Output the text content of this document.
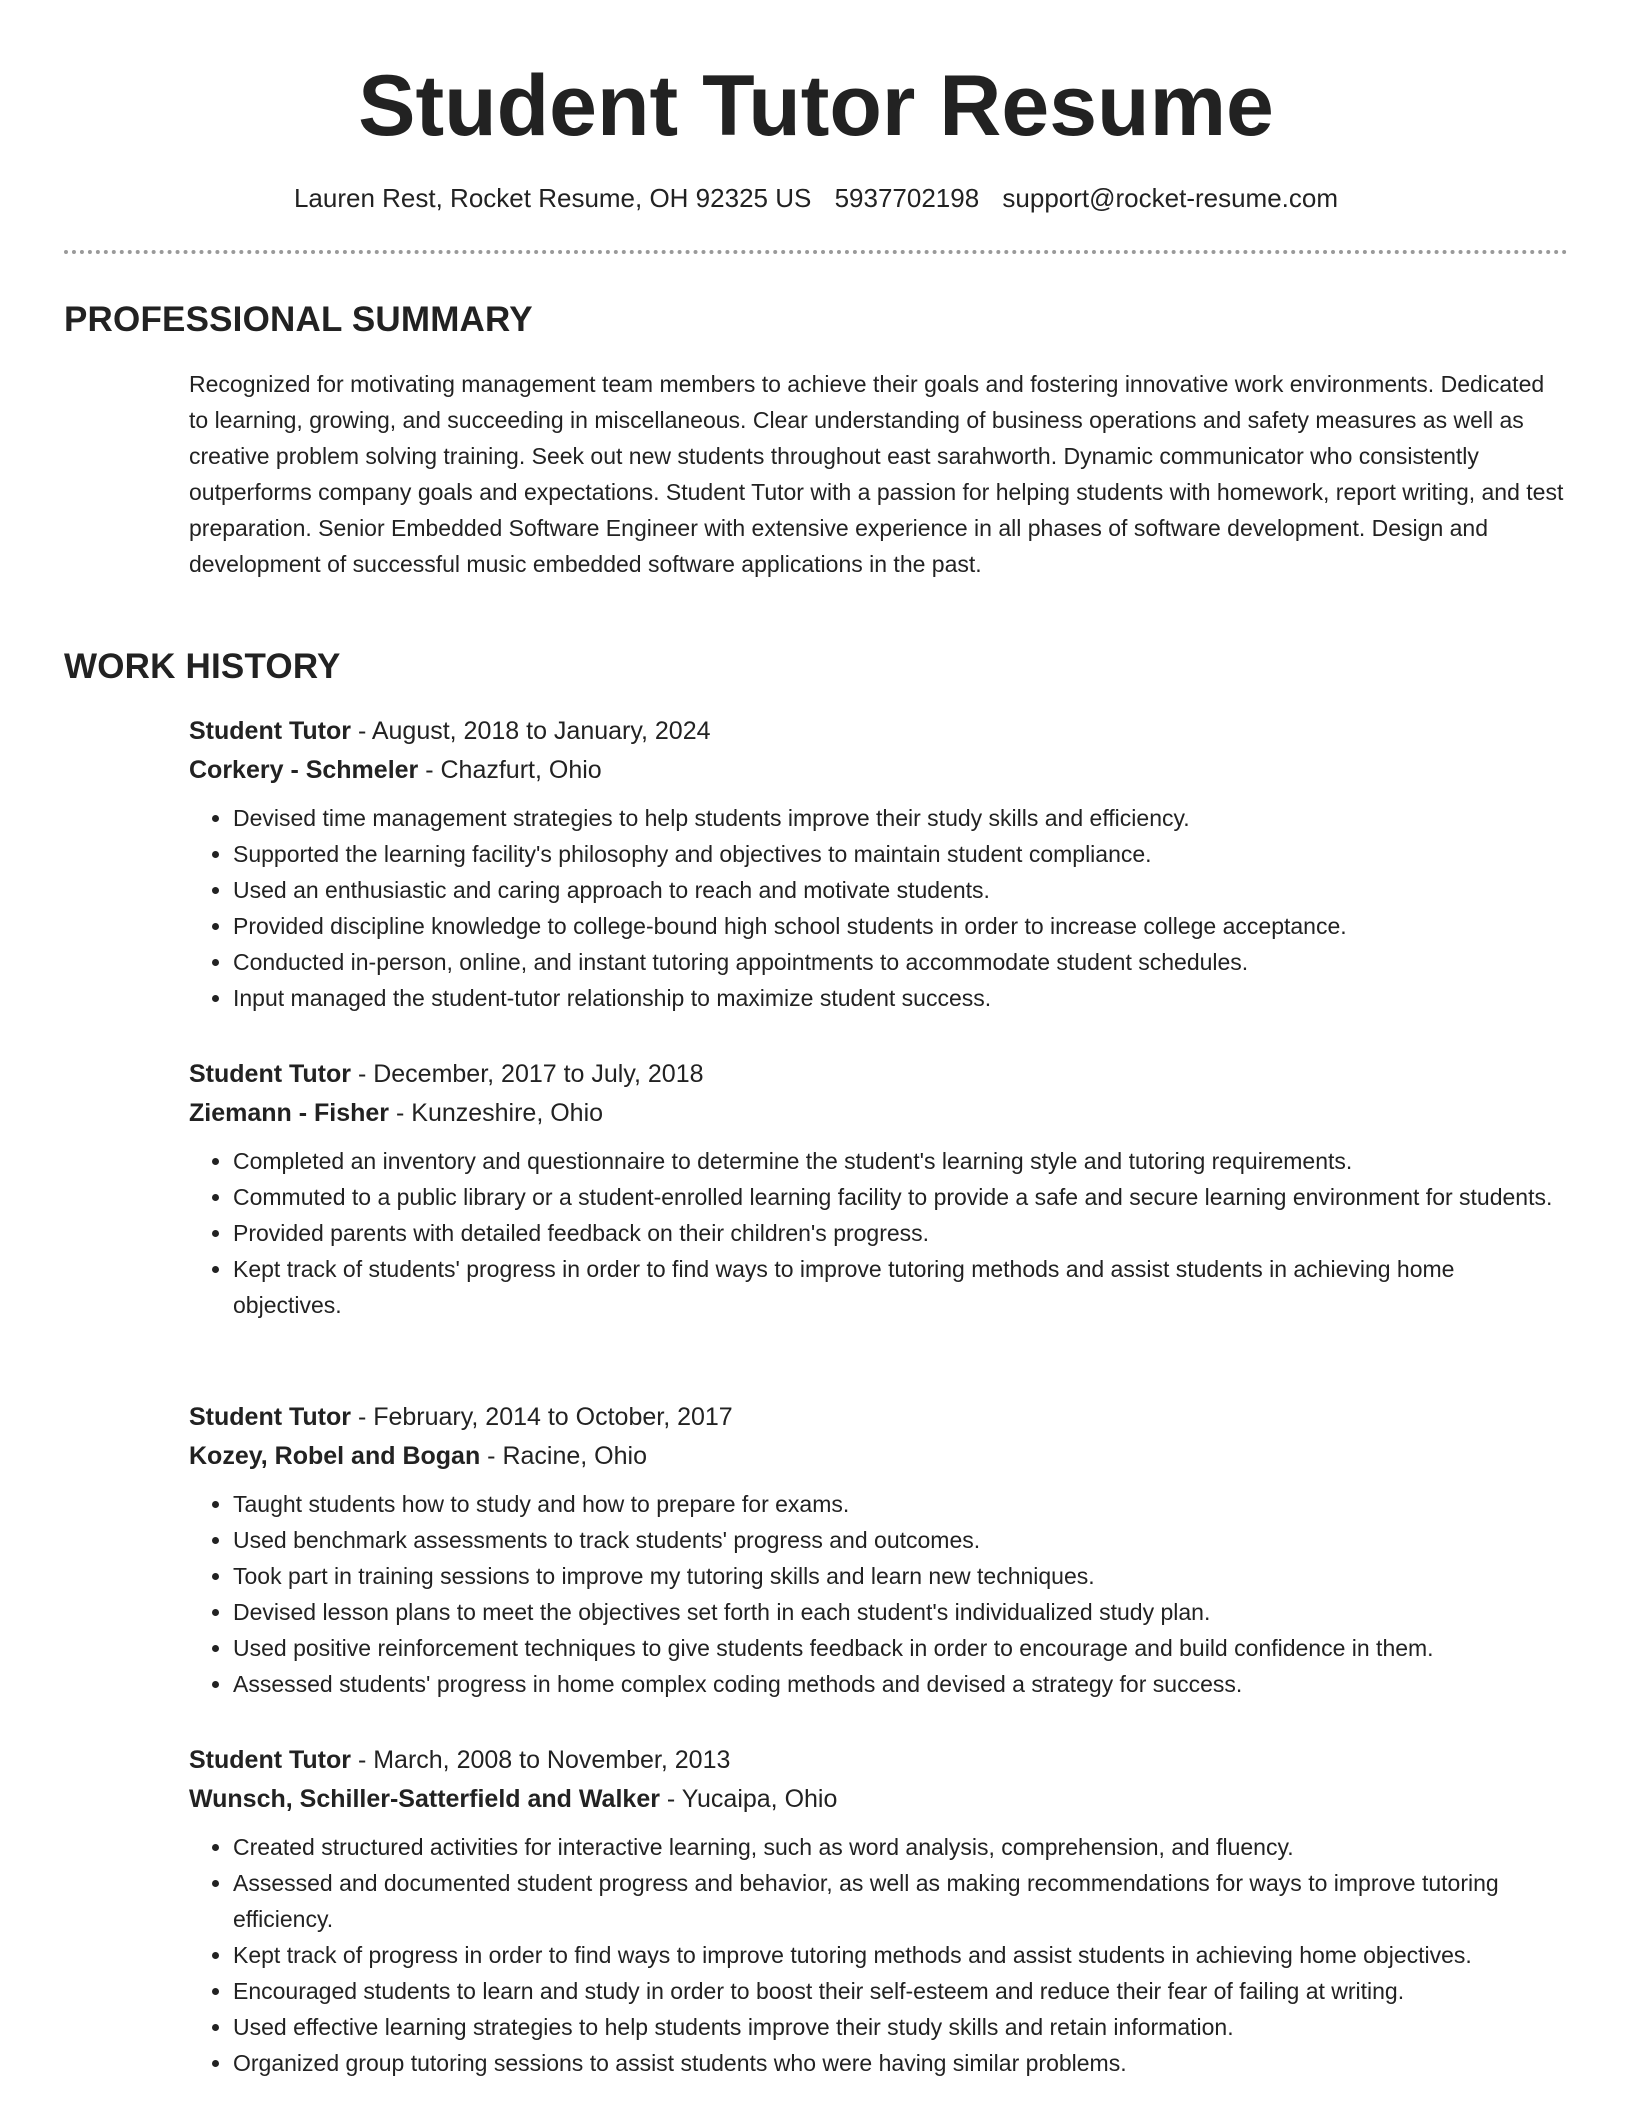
Student Tutor Resume
Lauren Rest, Rocket Resume, OH 92325 US 5937702198 support@rocket-resume.com
PROFESSIONAL SUMMARY

Recognized for motivating management team members to achieve their goals and fostering innovative work environments. Dedicated to learning, growing, and succeeding in miscellaneous. Clear understanding of business operations and safety measures as well as creative problem solving training. Seek out new students throughout east sarahworth. Dynamic communicator who consistently outperforms company goals and expectations. Student Tutor with a passion for helping students with homework, report writing, and test preparation. Senior Embedded Software Engineer with extensive experience in all phases of software development. Design and development of successful music embedded software applications in the past.

WORK HISTORY
Student Tutor - August, 2018 to January, 2024
Corkery - Schmeler - Chazfurt, Ohio
• Devised time management strategies to help students improve their study skills and efficiency.
• Supported the learning facility's philosophy and objectives to maintain student compliance.
• Used an enthusiastic and caring approach to reach and motivate students.
• Provided discipline knowledge to college-bound high school students in order to increase college acceptance.
• Conducted in-person, online, and instant tutoring appointments to accommodate student schedules.
• Input managed the student-tutor relationship to maximize student success.
Student Tutor - December, 2017 to July, 2018
Ziemann - Fisher - Kunzeshire, Ohio
• Completed an inventory and questionnaire to determine the student's learning style and tutoring requirements.
• Commuted to a public library or a student-enrolled learning facility to provide a safe and secure learning environment for students.
• Provided parents with detailed feedback on their children's progress.
• Kept track of students' progress in order to find ways to improve tutoring methods and assist students in achieving home objectives.
Student Tutor - February, 2014 to October, 2017
Kozey, Robel and Bogan - Racine, Ohio
• Taught students how to study and how to prepare for exams.
• Used benchmark assessments to track students' progress and outcomes.
• Took part in training sessions to improve my tutoring skills and learn new techniques.
• Devised lesson plans to meet the objectives set forth in each student's individualized study plan.
• Used positive reinforcement techniques to give students feedback in order to encourage and build confidence in them.
• Assessed students' progress in home complex coding methods and devised a strategy for success.
Student Tutor - March, 2008 to November, 2013
Wunsch, Schiller-Satterfield and Walker - Yucaipa, Ohio
• Created structured activities for interactive learning, such as word analysis, comprehension, and fluency.
• Assessed and documented student progress and behavior, as well as making recommendations for ways to improve tutoring efficiency.
• Kept track of progress in order to find ways to improve tutoring methods and assist students in achieving home objectives.
• Encouraged students to learn and study in order to boost their self-esteem and reduce their fear of failing at writing.
• Used effective learning strategies to help students improve their study skills and retain information.
• Organized group tutoring sessions to assist students who were having similar problems.
